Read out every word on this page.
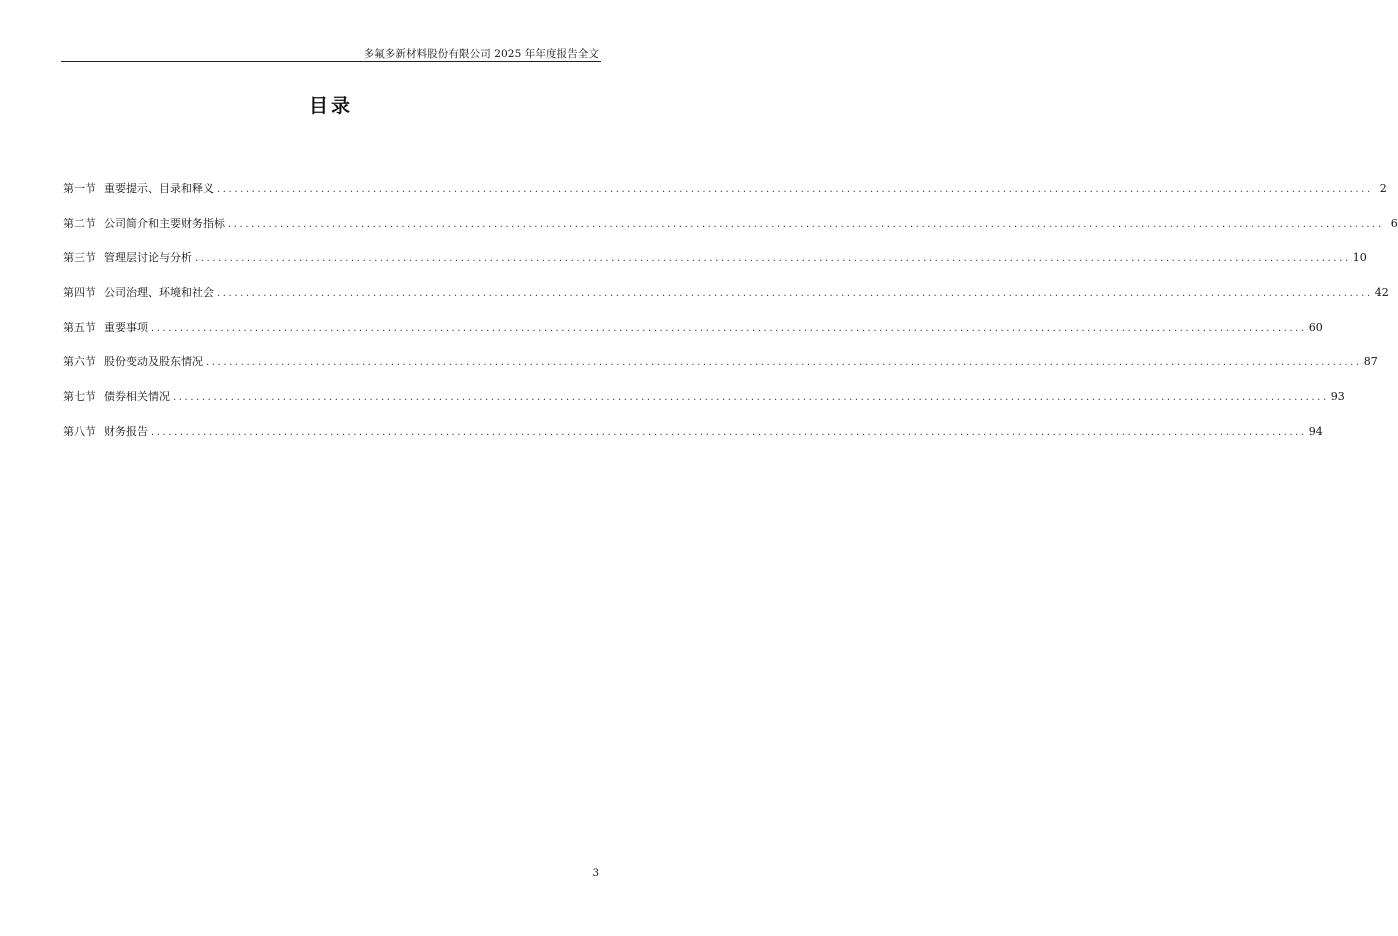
多氟多新材料股份有限公司 2025 年年度报告全文
目录
第一节 重要提示、目录和释义 ........................................................................................................................................................................................................ 2
第二节 公司简介和主要财务指标 ........................................................................................................................................................................................................ 6
第三节 管理层讨论与分析 ........................................................................................................................................................................................................ 10
第四节 公司治理、环境和社会 ........................................................................................................................................................................................................ 42
第五节 重要事项 ........................................................................................................................................................................................................ 60
第六节 股份变动及股东情况 ........................................................................................................................................................................................................ 87
第七节 债券相关情况 ........................................................................................................................................................................................................ 93
第八节 财务报告 ........................................................................................................................................................................................................ 94
3
